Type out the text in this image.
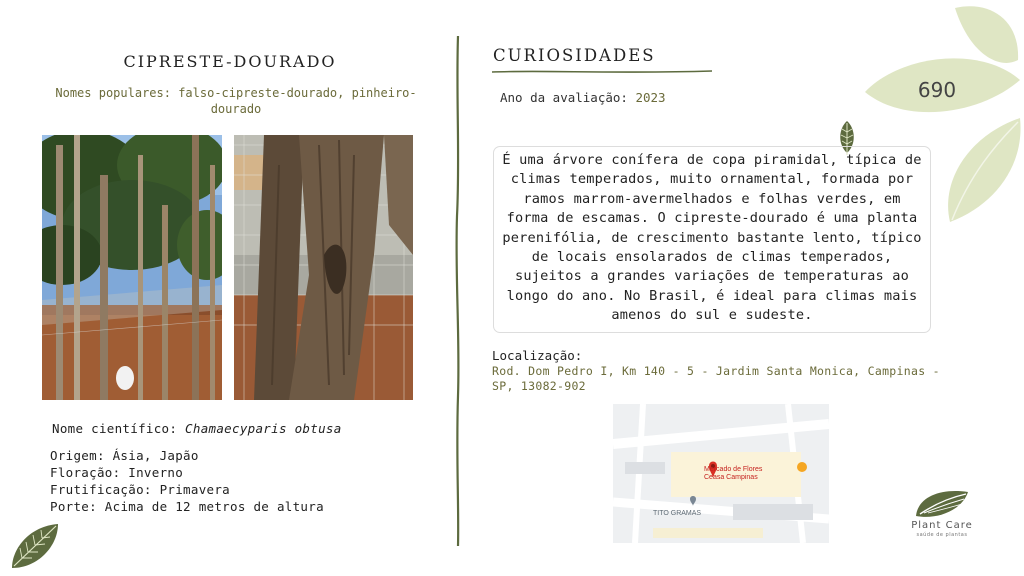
690
CIPRESTE-DOURADO
Nomes populares: falso-cipreste-dourado, pinheiro-dourado
Nome científico: Chamaecyparis obtusa
Origem: Ásia, Japão
Floração: Inverno
Frutificação: Primavera
Porte: Acima de 12 metros de altura
CURIOSIDADES
Ano da avaliação: 2023
É uma árvore conífera de copa piramidal, típica de climas temperados, muito ornamental, formada por ramos marrom-avermelhados e folhas verdes, em forma de escamas. O cipreste-dourado é uma planta perenifólia, de crescimento bastante lento, típico de locais ensolarados de climas temperados, sujeitos a grandes variações de temperaturas ao longo do ano. No Brasil, é ideal para climas mais amenos do sul e sudeste.
Localização:
Rod. Dom Pedro I, Km 140 - 5 - Jardim Santa Monica, Campinas - SP, 13082-902
Mercado de Flores
Ceasa Campinas
TITO GRAMAS
Plant Care
saúde de plantas
